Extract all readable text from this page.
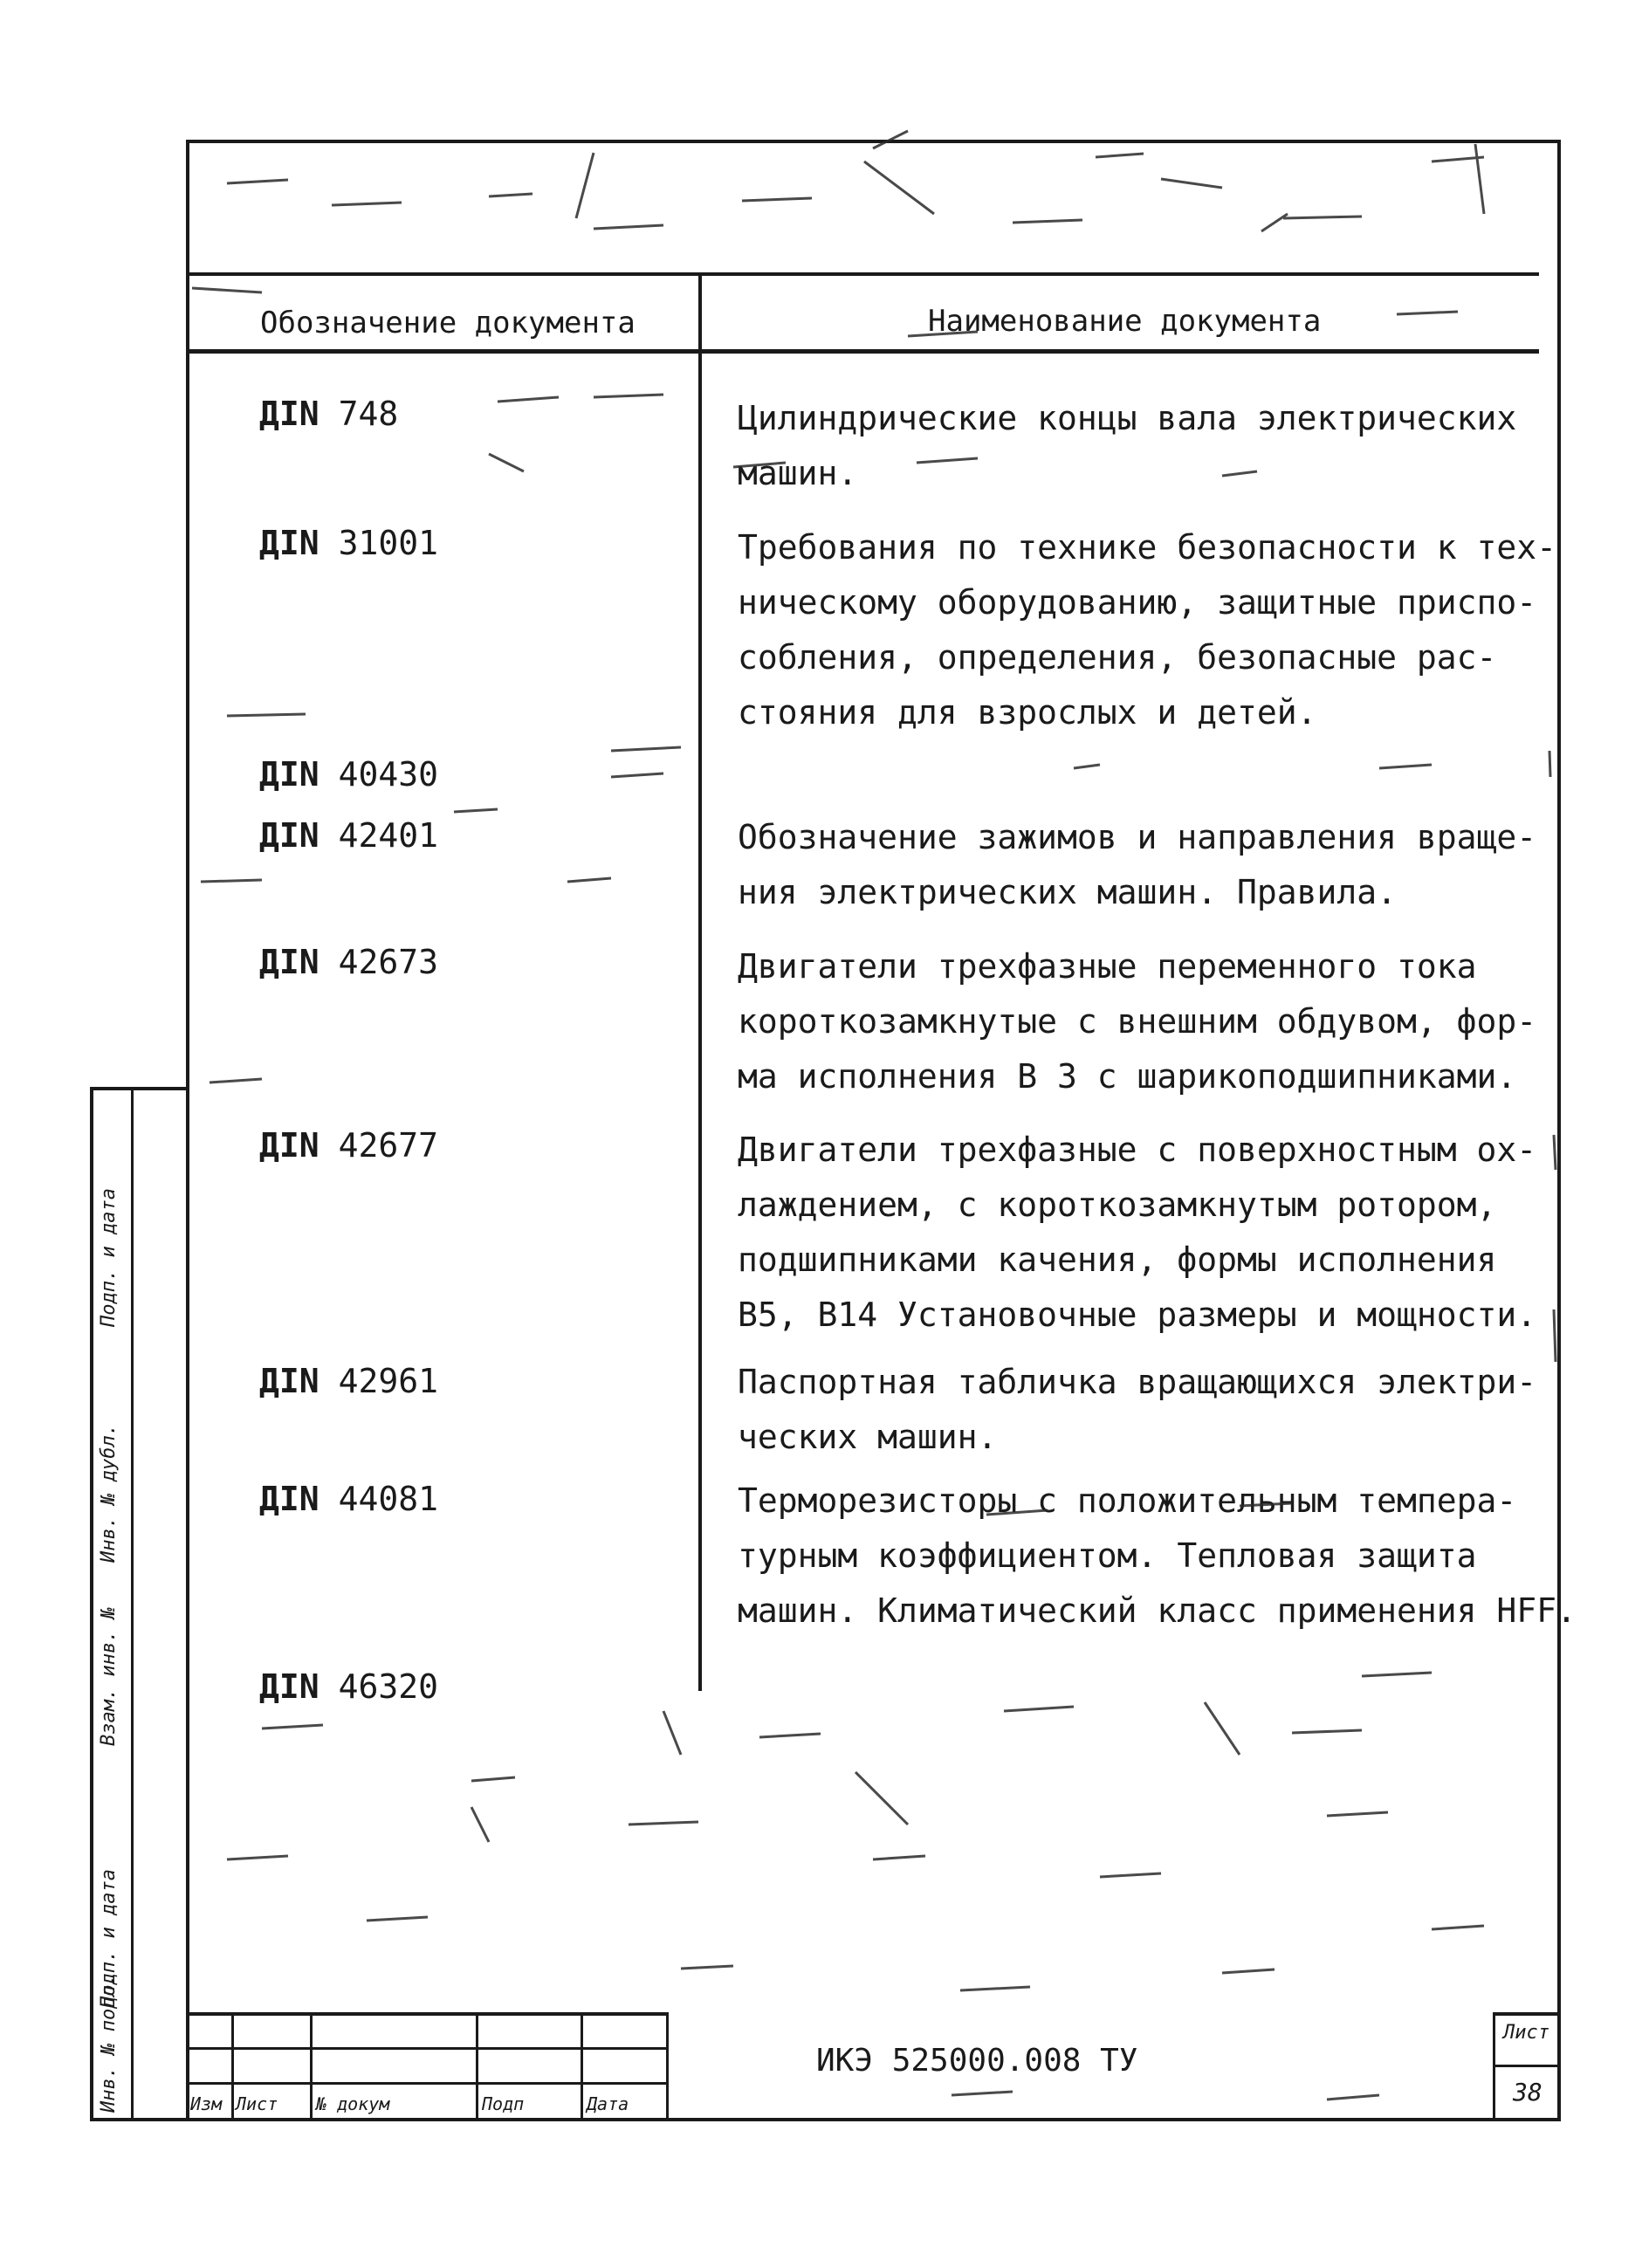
Обозначение документа	Наименование документа
ДIN 748	Цилиндрические концы вала электрических
машин.
ДIN 31001	Требования по технике безопасности к тех-
ническому оборудованию, защитные приспо-
собления, определения, безопасные рас-
стояния для взрослых и детей.
ДIN 40430
ДIN 42401	Обозначение зажимов и направления враще-
ния электрических машин. Правила.
ДIN 42673	Двигатели трехфазные переменного тока
короткозамкнутые с внешним обдувом, фор-
ма исполнения В 3 с шарикоподшипниками.
ДIN 42677	Двигатели трехфазные с поверхностным ох-
лаждением, с короткозамкнутым ротором,
подшипниками качения, формы исполнения
В5, В14 Установочные размеры и мощности.
ДIN 42961	Паспортная табличка вращающихся электри-
ческих машин.
ДIN 44081	Терморезисторы с положительным темпера-
турным коэффициентом. Тепловая защита
машин. Климатический класс применения HFF.
ДIN 46320
Инв. № подл.
Подп. и дата
Взам. инв. №
Инв. № дубл.
Подп. и дата
Изм Лист № докум	Подп	Дата
ИКЭ 525000.008 ТУ
Лист
38
